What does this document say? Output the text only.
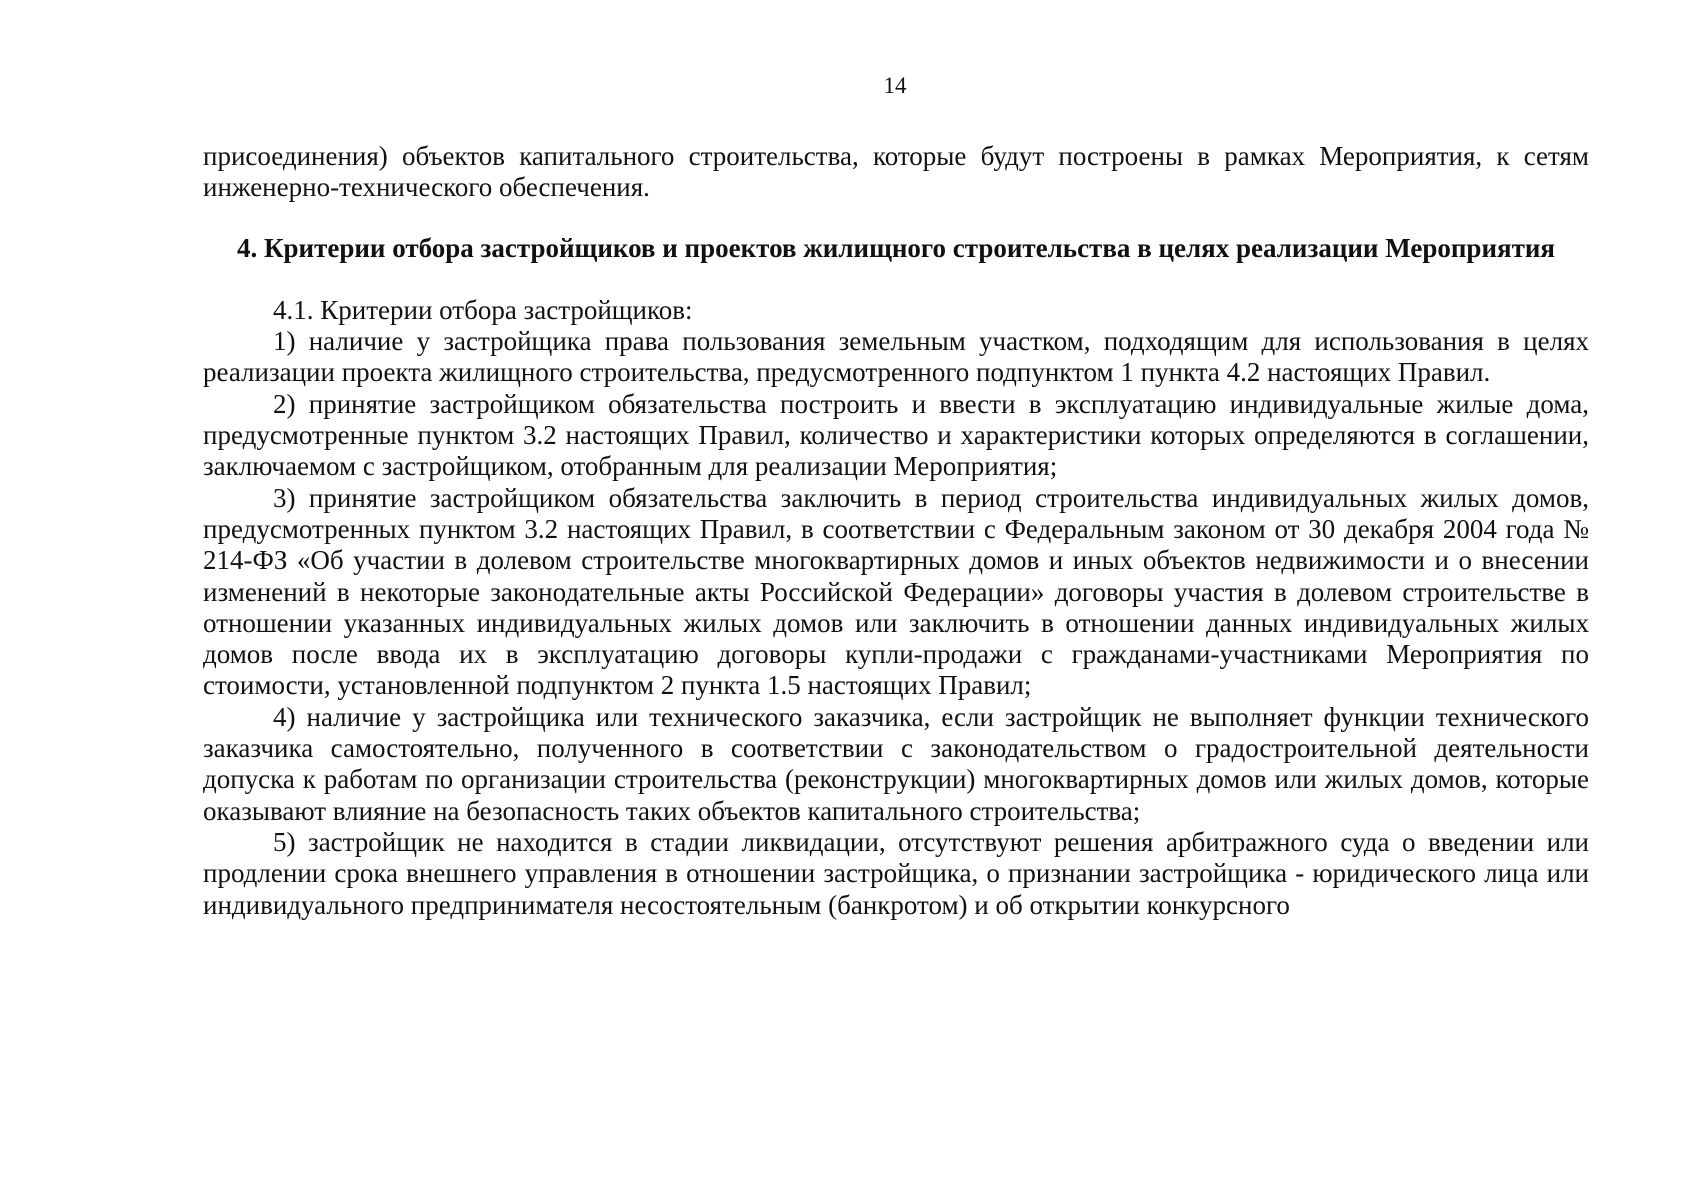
14

присоединения) объектов капитального строительства, которые будут построены в рамках Мероприятия, к сетям инженерно-технического обеспечения.

4. Критерии отбора застройщиков и проектов жилищного строительства в целях реализации Мероприятия

4.1. Критерии отбора застройщиков:

1) наличие у застройщика права пользования земельным участком, подходящим для использования в целях реализации проекта жилищного строительства, предусмотренного подпунктом 1 пункта 4.2 настоящих Правил.

2) принятие застройщиком обязательства построить и ввести в эксплуатацию индивидуальные жилые дома, предусмотренные пунктом 3.2 настоящих Правил, количество и характеристики которых определяются в соглашении, заключаемом с застройщиком, отобранным для реализации Мероприятия;

3) принятие застройщиком обязательства заключить в период строительства индивидуальных жилых домов, предусмотренных пунктом 3.2 настоящих Правил, в соответствии с Федеральным законом от 30 декабря 2004 года № 214-ФЗ «Об участии в долевом строительстве многоквартирных домов и иных объектов недвижимости и о внесении изменений в некоторые законодательные акты Российской Федерации» договоры участия в долевом строительстве в отношении указанных индивидуальных жилых домов или заключить в отношении данных индивидуальных жилых домов после ввода их в эксплуатацию договоры купли-продажи с гражданами-участниками Мероприятия по стоимости, установленной подпунктом 2 пункта 1.5 настоящих Правил;

4) наличие у застройщика или технического заказчика, если застройщик не выполняет функции технического заказчика самостоятельно, полученного в соответствии с законодательством о градостроительной деятельности допуска к работам по организации строительства (реконструкции) многоквартирных домов или жилых домов, которые оказывают влияние на безопасность таких объектов капитального строительства;

5) застройщик не находится в стадии ликвидации, отсутствуют решения арбитражного суда о введении или продлении срока внешнего управления в отношении застройщика, о признании застройщика - юридического лица или индивидуального предпринимателя несостоятельным (банкротом) и об открытии конкурсного
